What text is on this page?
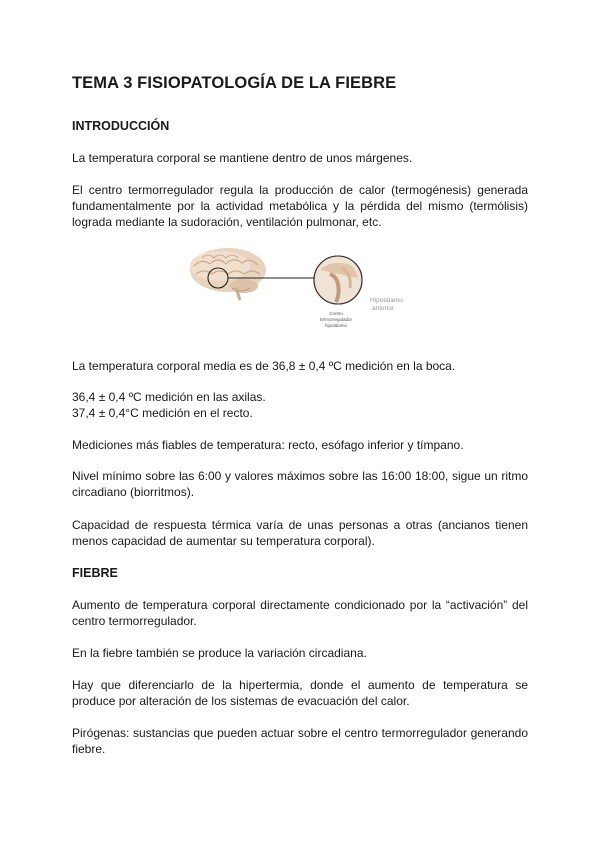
TEMA 3 FISIOPATOLOGÍA DE LA FIEBRE
INTRODUCCIÓN

La temperatura corporal se mantiene dentro de unos márgenes.

El centro termorregulador regula la producción de calor (termogénesis) generada fundamentalmente por la actividad metabólica y la pérdida del mismo (termólisis) lograda mediante la sudoración, ventilación pulmonar, etc.

Hipotálamo
anterior
Centro
termorregulador
hipotálamo

La temperatura corporal media es de 36,8 ± 0,4 ºC medición en la boca.

36,4 ± 0,4 ºC medición en las axilas.

37,4 ± 0,4°C medición en el recto.

Mediciones más fiables de temperatura: recto, esófago inferior y tímpano.

Nivel mínimo sobre las 6:00 y valores máximos sobre las 16:00 18:00, sigue un ritmo circadiano (biorritmos).

Capacidad de respuesta térmica varía de unas personas a otras (ancianos tienen menos capacidad de aumentar su temperatura corporal).

FIEBRE

Aumento de temperatura corporal directamente condicionado por la “activación” del centro termorregulador.

En la fiebre también se produce la variación circadiana.

Hay que diferenciarlo de la hipertermia, donde el aumento de temperatura se produce por alteración de los sistemas de evacuación del calor.

Pirógenas: sustancias que pueden actuar sobre el centro termorregulador generando fiebre.
